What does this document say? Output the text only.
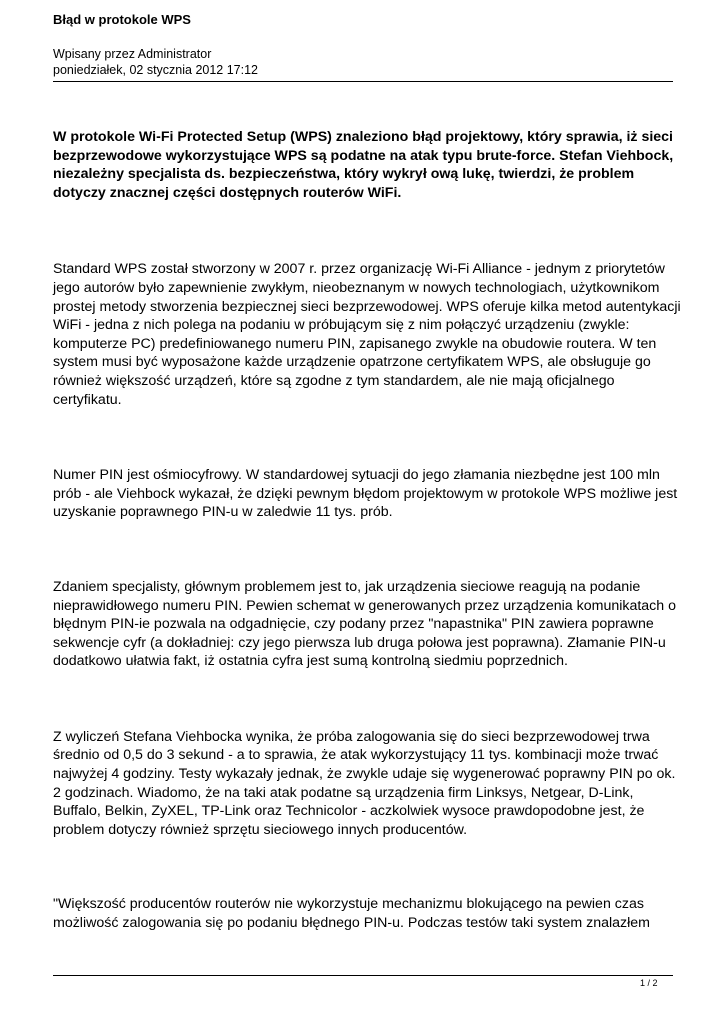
Błąd w protokole WPS
Wpisany przez Administrator
poniedziałek, 02 stycznia 2012 17:12

W protokole Wi-Fi Protected Setup (WPS) znaleziono błąd projektowy, który sprawia, iż sieci bezprzewodowe wykorzystujące WPS są podatne na atak typu brute-force. Stefan Viehbock, niezależny specjalista ds. bezpieczeństwa, który wykrył ową lukę, twierdzi, że problem dotyczy znacznej części dostępnych routerów WiFi.

Standard WPS został stworzony w 2007 r. przez organizację Wi-Fi Alliance - jednym z priorytetów jego autorów było zapewnienie zwykłym, nieobeznanym w nowych technologiach, użytkownikom prostej metody stworzenia bezpiecznej sieci bezprzewodowej. WPS oferuje kilka metod autentykacji WiFi - jedna z nich polega na podaniu w próbującym się z nim połączyć urządzeniu (zwykle: komputerze PC) predefiniowanego numeru PIN, zapisanego zwykle na obudowie routera. W ten system musi być wyposażone każde urządzenie opatrzone certyfikatem WPS, ale obsługuje go również większość urządzeń, które są zgodne z tym standardem, ale nie mają oficjalnego certyfikatu.

Numer PIN jest ośmiocyfrowy. W standardowej sytuacji do jego złamania niezbędne jest 100 mln prób - ale Viehbock wykazał, że dzięki pewnym błędom projektowym w protokole WPS możliwe jest uzyskanie poprawnego PIN-u w zaledwie 11 tys. prób.

Zdaniem specjalisty, głównym problemem jest to, jak urządzenia sieciowe reagują na podanie nieprawidłowego numeru PIN. Pewien schemat w generowanych przez urządzenia komunikatach o błędnym PIN-ie pozwala na odgadnięcie, czy podany przez "napastnika" PIN zawiera poprawne sekwencje cyfr (a dokładniej: czy jego pierwsza lub druga połowa jest poprawna). Złamanie PIN-u dodatkowo ułatwia fakt, iż ostatnia cyfra jest sumą kontrolną siedmiu poprzednich.

Z wyliczeń Stefana Viehbocka wynika, że próba zalogowania się do sieci bezprzewodowej trwa średnio od 0,5 do 3 sekund - a to sprawia, że atak wykorzystujący 11 tys. kombinacji może trwać najwyżej 4 godziny. Testy wykazały jednak, że zwykle udaje się wygenerować poprawny PIN po ok. 2 godzinach. Wiadomo, że na taki atak podatne są urządzenia firm Linksys, Netgear, D-Link, Buffalo, Belkin, ZyXEL, TP-Link oraz Technicolor - aczkolwiek wysoce prawdopodobne jest, że problem dotyczy również sprzętu sieciowego innych producentów.

"Większość producentów routerów nie wykorzystuje mechanizmu blokującego na pewien czas możliwość zalogowania się po podaniu błędnego PIN-u. Podczas testów taki system znalazłem

1 / 2
